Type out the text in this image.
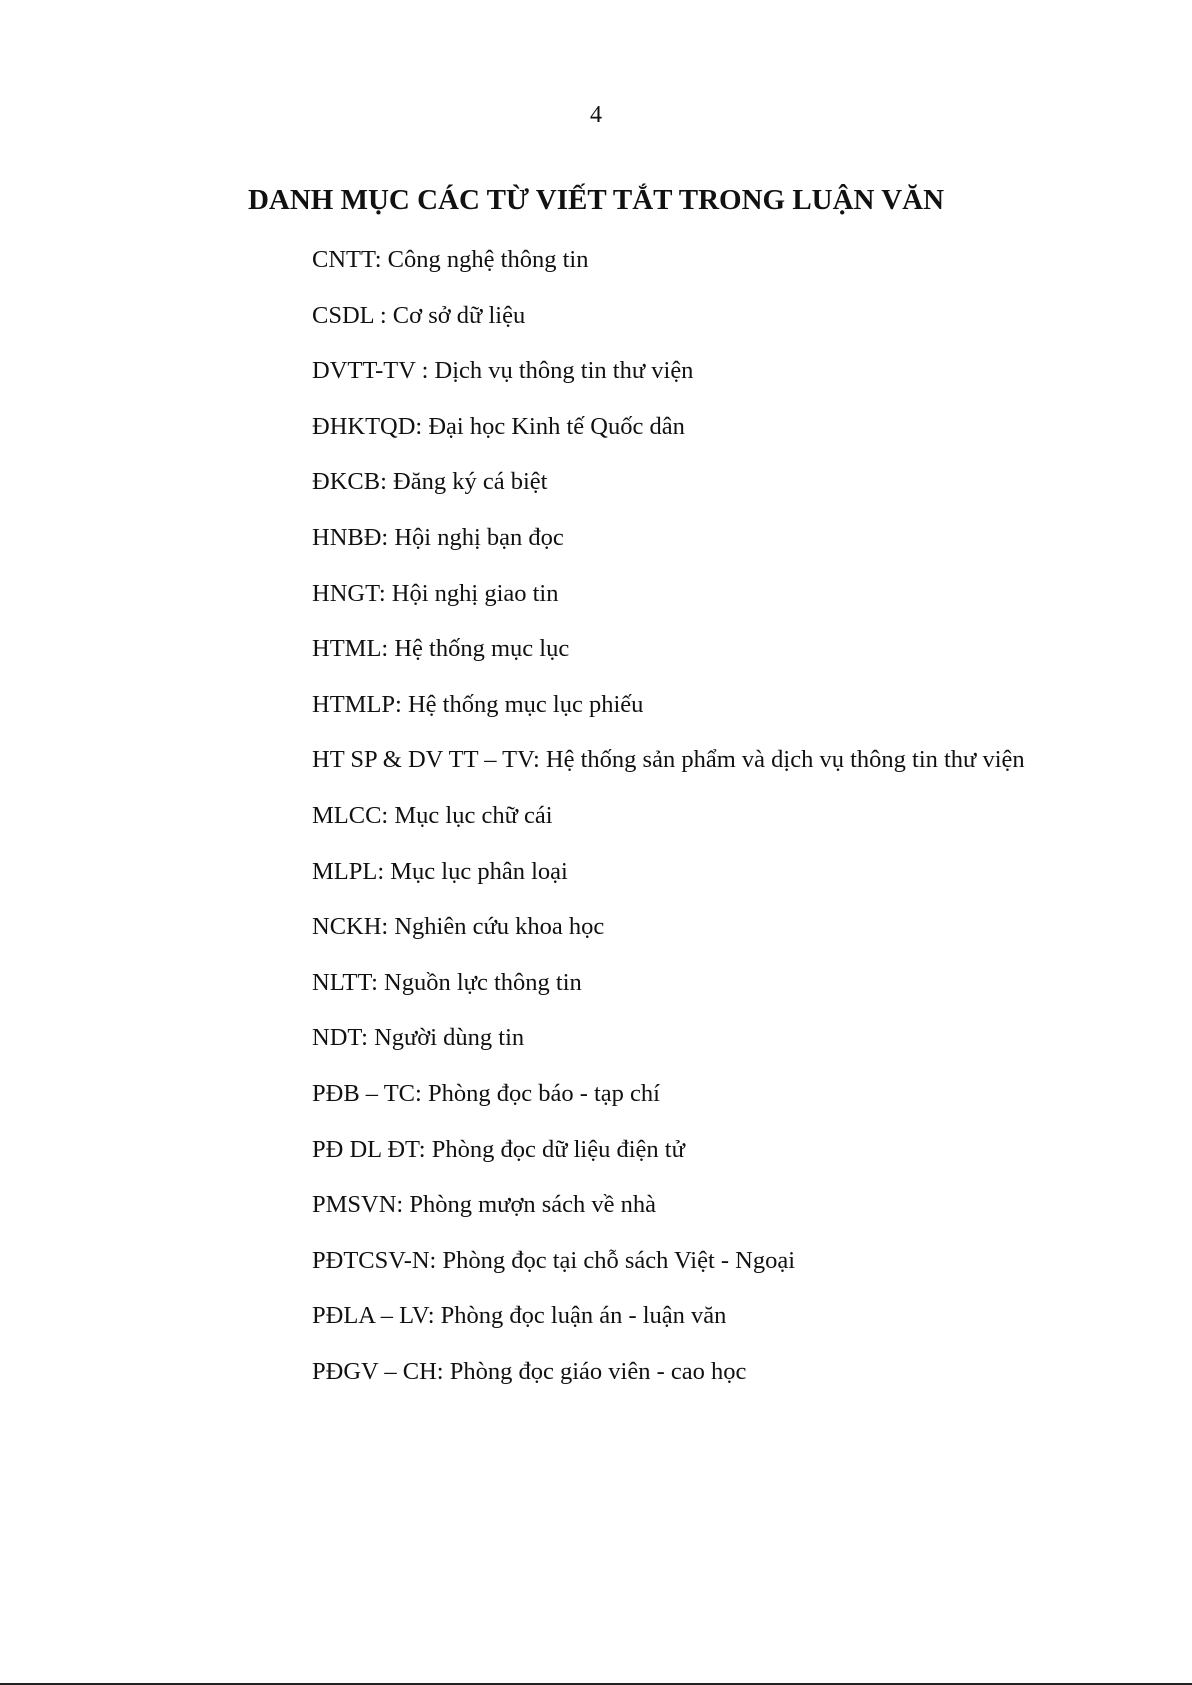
4
DANH MỤC CÁC TỪ VIẾT TẮT TRONG LUẬN VĂN
CNTT: Công nghệ thông tin
CSDL : Cơ sở dữ liệu
DVTT-TV : Dịch vụ thông tin thư viện
ĐHKTQD: Đại học Kinh tế Quốc dân
ĐKCB: Đăng ký cá biệt
HNBĐ: Hội nghị bạn đọc
HNGT: Hội nghị giao tin
HTML: Hệ thống mục lục
HTMLP: Hệ thống mục lục phiếu
HT SP & DV TT – TV: Hệ thống sản phẩm và dịch vụ thông tin thư viện
MLCC: Mục lục chữ cái
MLPL: Mục lục phân loại
NCKH: Nghiên cứu khoa học
NLTT: Nguồn lực thông tin
NDT: Người dùng tin
PĐB – TC: Phòng đọc báo - tạp chí
PĐ DL ĐT: Phòng đọc dữ liệu điện tử
PMSVN: Phòng mượn sách về nhà
PĐTCSV-N: Phòng đọc tại chỗ sách Việt - Ngoại
PĐLA – LV: Phòng đọc luận án - luận văn
PĐGV – CH: Phòng đọc giáo viên - cao học
